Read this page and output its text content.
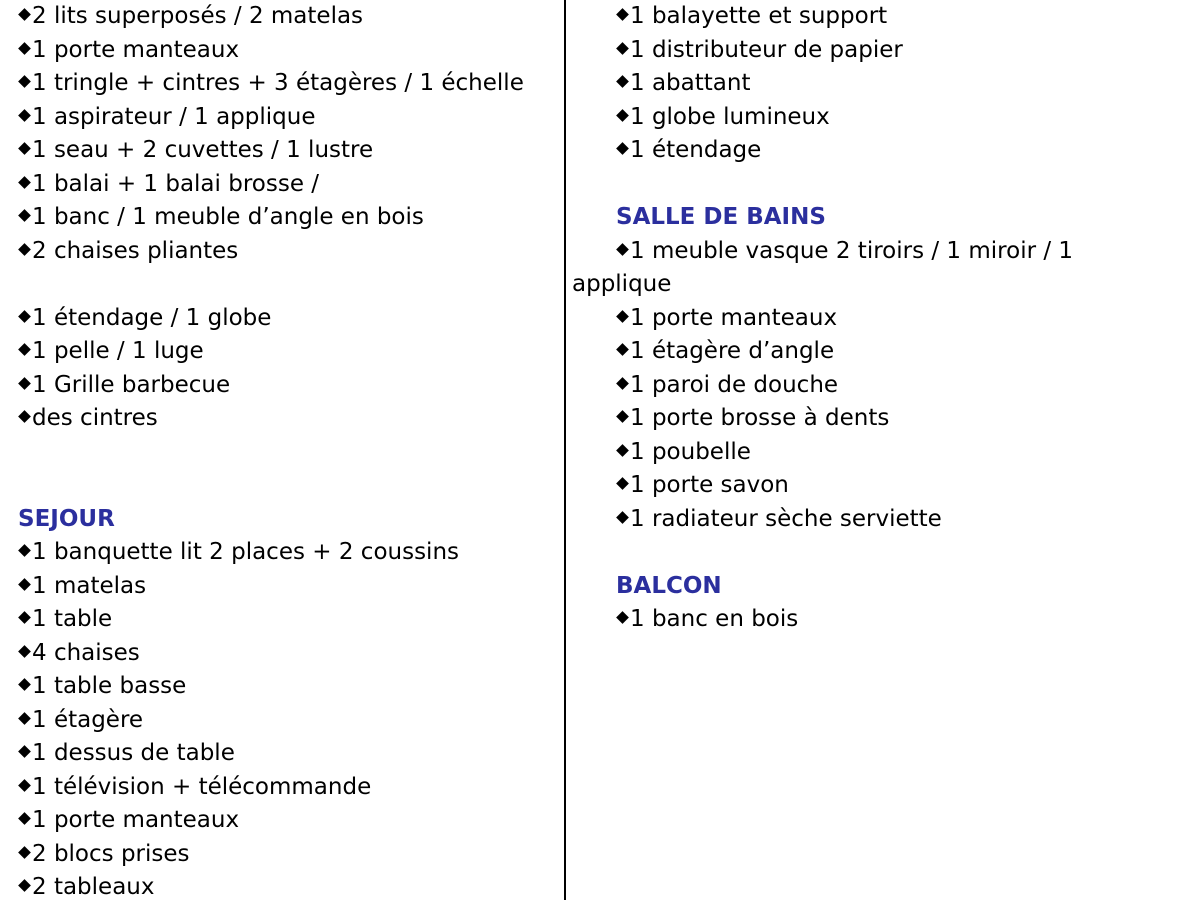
2 lits superposés / 2 matelas
1 porte manteaux
1 tringle + cintres + 3 étagères / 1 échelle
1 aspirateur / 1 applique
1 seau + 2 cuvettes / 1 lustre
1 balai + 1 balai brosse /
1 banc / 1 meuble d’angle en bois
2 chaises pliantes
1 étendage / 1 globe
1 pelle / 1 luge
1 Grille barbecue
des cintres
SEJOUR
1 banquette lit 2 places + 2 coussins
1 matelas
1 table
4 chaises
1 table basse
1 étagère
1 dessus de table
1 télévision + télécommande
1 porte manteaux
2 blocs prises
2 tableaux
1 balayette et support
1 distributeur de papier
1 abattant
1 globe lumineux
1 étendage
SALLE DE BAINS
1 meuble vasque 2 tiroirs / 1 miroir / 1
applique
1 porte manteaux
1 étagère d’angle
1 paroi de douche
1 porte brosse à dents
1 poubelle
1 porte savon
1 radiateur sèche serviette
BALCON
1 banc en bois
